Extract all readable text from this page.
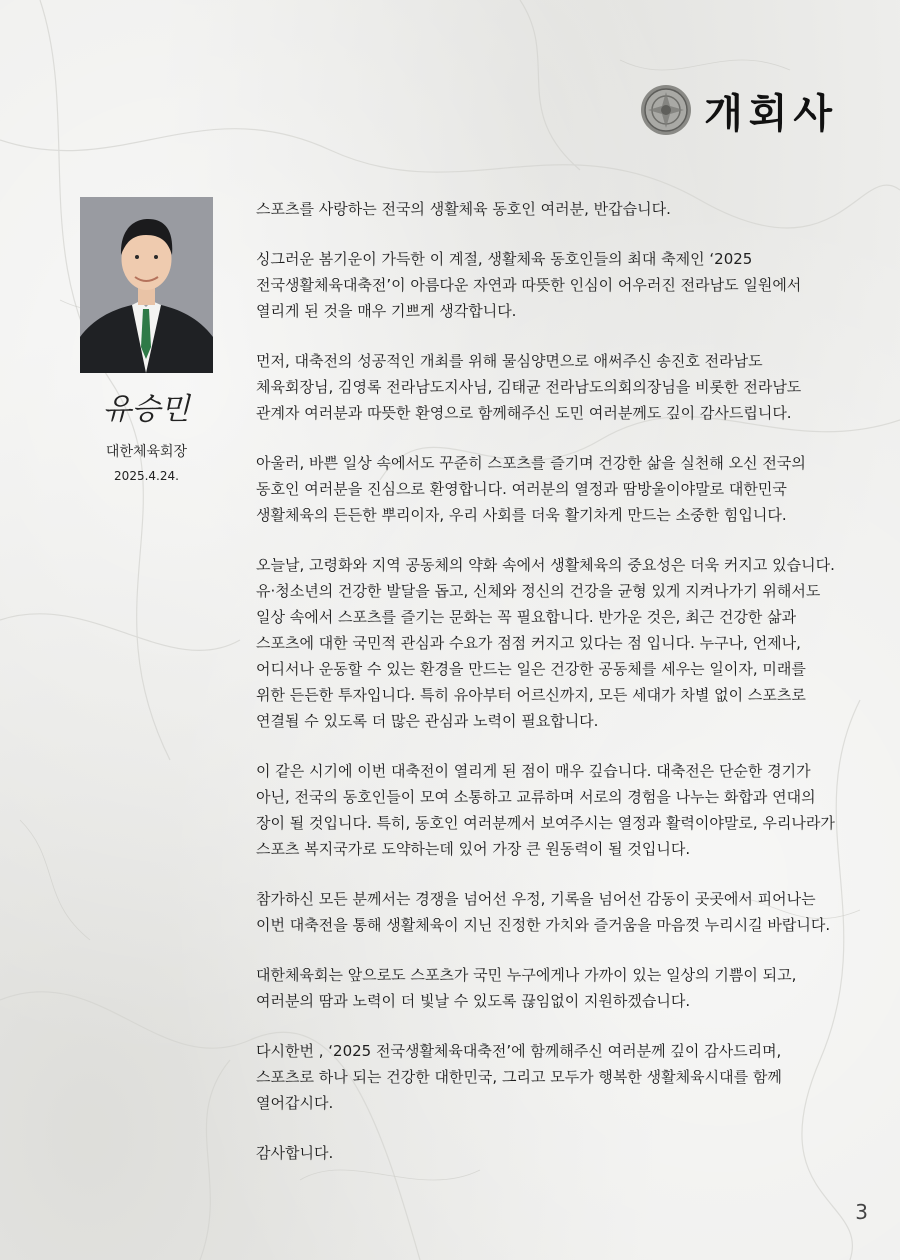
개회사
유승민
대한체육회장
2025.4.24.

스포츠를 사랑하는 전국의 생활체육 동호인 여러분, 반갑습니다.

싱그러운 봄기운이 가득한 이 계절, 생활체육 동호인들의 최대 축제인 ‘2025 전국생활체육대축전’이 아름다운 자연과 따뜻한 인심이 어우러진 전라남도 일원에서 열리게 된 것을 매우 기쁘게 생각합니다.

먼저, 대축전의 성공적인 개최를 위해 물심양면으로 애써주신 송진호 전라남도 체육회장님, 김영록 전라남도지사님, 김태균 전라남도의회의장님을 비롯한 전라남도 관계자 여러분과 따뜻한 환영으로 함께해주신 도민 여러분께도 깊이 감사드립니다.

아울러, 바쁜 일상 속에서도 꾸준히 스포츠를 즐기며 건강한 삶을 실천해 오신 전국의 동호인 여러분을 진심으로 환영합니다. 여러분의 열정과 땀방울이야말로 대한민국 생활체육의 든든한 뿌리이자, 우리 사회를 더욱 활기차게 만드는 소중한 힘입니다.

오늘날, 고령화와 지역 공동체의 약화 속에서 생활체육의 중요성은 더욱 커지고 있습니다. 유·청소년의 건강한 발달을 돕고, 신체와 정신의 건강을 균형 있게 지켜나가기 위해서도 일상 속에서 스포츠를 즐기는 문화는 꼭 필요합니다. 반가운 것은, 최근 건강한 삶과 스포츠에 대한 국민적 관심과 수요가 점점 커지고 있다는 점 입니다. 누구나, 언제나, 어디서나 운동할 수 있는 환경을 만드는 일은 건강한 공동체를 세우는 일이자, 미래를 위한 든든한 투자입니다. 특히 유아부터 어르신까지, 모든 세대가 차별 없이 스포츠로 연결될 수 있도록 더 많은 관심과 노력이 필요합니다.

이 같은 시기에 이번 대축전이 열리게 된 점이 매우 깊습니다. 대축전은 단순한 경기가 아닌, 전국의 동호인들이 모여 소통하고 교류하며 서로의 경험을 나누는 화합과 연대의 장이 될 것입니다. 특히, 동호인 여러분께서 보여주시는 열정과 활력이야말로, 우리나라가 스포츠 복지국가로 도약하는데 있어 가장 큰 원동력이 될 것입니다.

참가하신 모든 분께서는 경쟁을 넘어선 우정, 기록을 넘어선 감동이 곳곳에서 피어나는 이번 대축전을 통해 생활체육이 지닌 진정한 가치와 즐거움을 마음껏 누리시길 바랍니다.

대한체육회는 앞으로도 스포츠가 국민 누구에게나 가까이 있는 일상의 기쁨이 되고, 여러분의 땀과 노력이 더 빛날 수 있도록 끊임없이 지원하겠습니다.

다시한번 , ‘2025 전국생활체육대축전’에 함께해주신 여러분께 깊이 감사드리며, 스포츠로 하나 되는 건강한 대한민국, 그리고 모두가 행복한 생활체육시대를 함께 열어갑시다.

감사합니다.

3
